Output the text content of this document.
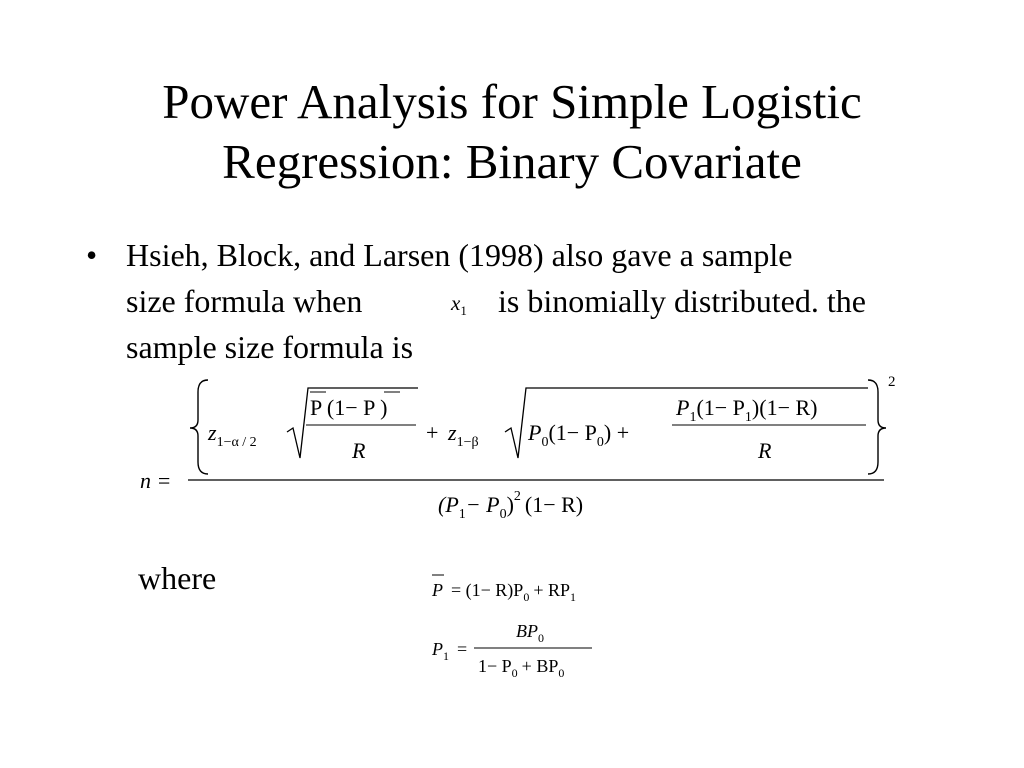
Power Analysis for Simple Logistic
Regression: Binary Covariate
• Hsieh, Block, and Larsen (1998) also gave a sample
size formula when	$x_1$ is binomially distributed. the
sample size formula is
n =
$z_{1-\alpha / 2}$
P (1− P )
R
+ $z_{1-\beta}$ $P_0(1- P_0)$ +
$P_1(1- P_1)(1- R)$
R
2
$(P_1- P_0)^2$ (1− R)
where	$P = (1- R)P_0 + RP_1$
$P_1$ =
$BP_0$
$1- P_0 + BP_0$
